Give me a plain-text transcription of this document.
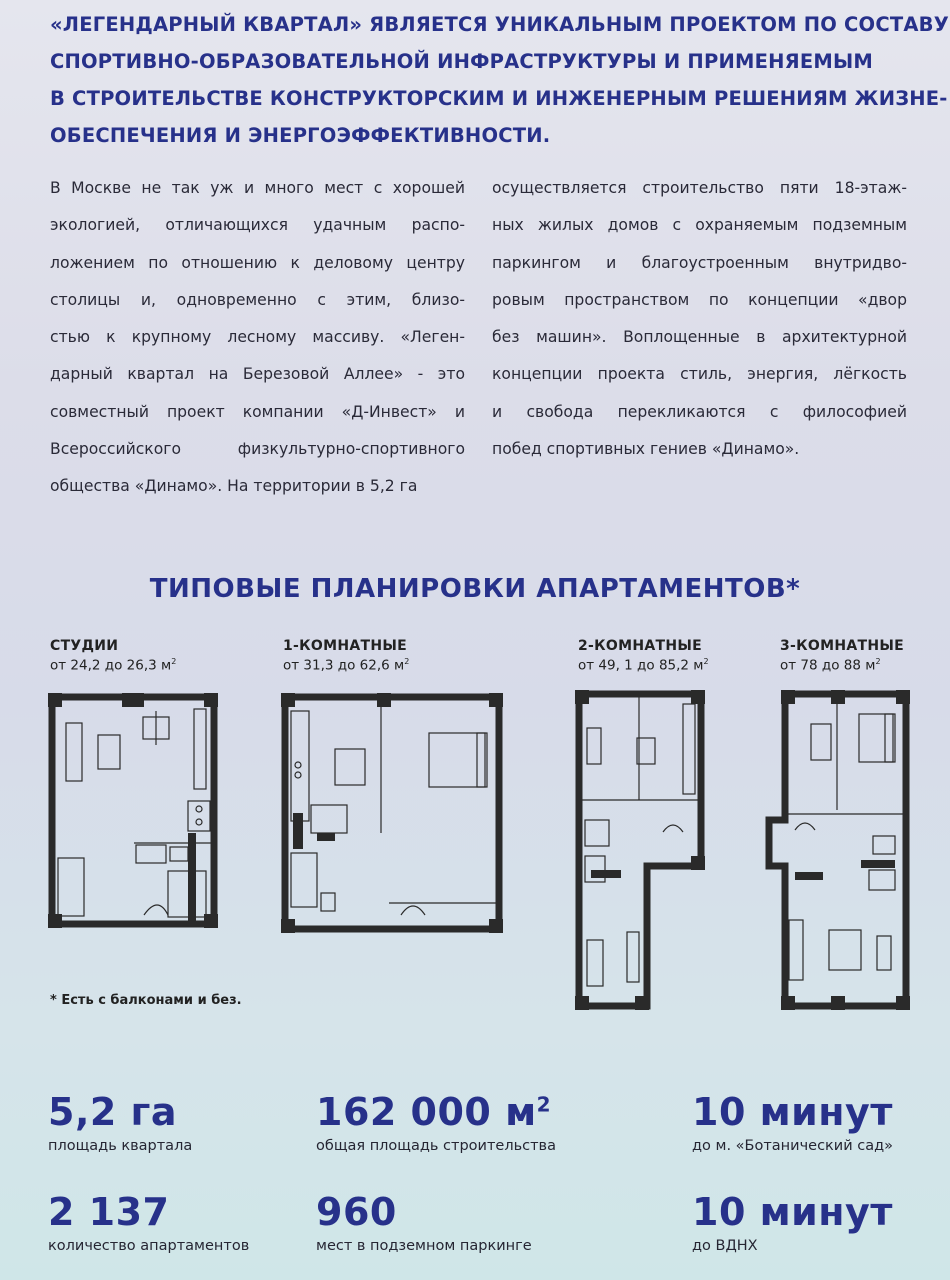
«ЛЕГЕНДАРНЫЙ КВАРТАЛ» ЯВЛЯЕТСЯ УНИКАЛЬНЫМ ПРОЕКТОМ ПО СОСТАВУ
СПОРТИВНО-ОБРАЗОВАТЕЛЬНОЙ ИНФРАСТРУКТУРЫ И ПРИМЕНЯЕМЫМ
В СТРОИТЕЛЬСТВЕ КОНСТРУКТОРСКИМ И ИНЖЕНЕРНЫМ РЕШЕНИЯМ ЖИЗНЕ-
ОБЕСПЕЧЕНИЯ И ЭНЕРГОЭФФЕКТИВНОСТИ.
В Москве не так уж и много мест с хорошей
экологией, отличающихся удачным распо-
ложением по отношению к деловому центру
столицы и, одновременно с этим, близо-
стью к крупному лесному массиву. «Леген-
дарный квартал на Березовой Аллее» - это
совместный проект компании «Д-Инвест» и
Всероссийского физкультурно-спортивного
общества «Динамо». На территории в 5,2 га
осуществляется строительство пяти 18-этаж-
ных жилых домов с охраняемым подземным
паркингом и благоустроенным внутридво-
ровым пространством по концепции «двор
без машин». Воплощенные в архитектурной
концепции проекта стиль, энергия, лёгкость
и свобода перекликаются с философией
побед спортивных гениев «Динамо».
ТИПОВЫЕ ПЛАНИРОВКИ АПАРТАМЕНТОВ*
СТУДИИ
от 24,2 до 26,3 $м^2$
1-КОМНАТНЫЕ
от 31,3 до 62,6 $м^2$
2-КОМНАТНЫЕ
от 49, 1 до 85,2 $м^2$
3-КОМНАТНЫЕ
от 78 до 88 $м^2$
* Есть с балконами и без.
5,2 га
площадь квартала
162 000 $м^2$
общая площадь строительства
10 минут
до м. «Ботанический сад»
2 137
количество апартаментов
960
мест в подземном паркинге
10 минут
до ВДНХ
